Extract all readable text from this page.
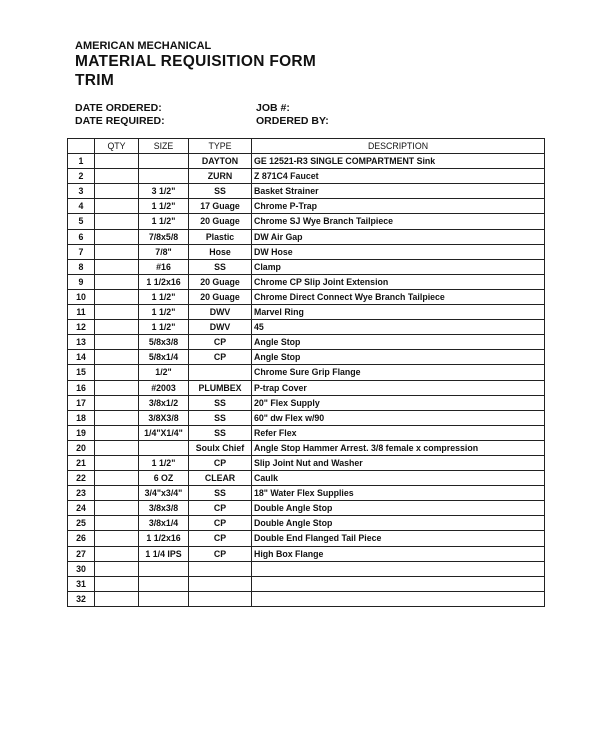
AMERICAN MECHANICAL
MATERIAL REQUISITION FORM
TRIM
DATE ORDERED:
DATE REQUIRED:
JOB #:
ORDERED BY:
	QTY	SIZE	TYPE	DESCRIPTION
1			DAYTON	GE 12521-R3 SINGLE COMPARTMENT Sink
2			ZURN	Z 871C4 Faucet
3		3 1/2"	SS	Basket Strainer
4		1 1/2"	17 Guage	Chrome P-Trap
5		1 1/2"	20 Guage	Chrome SJ Wye Branch Tailpiece
6		7/8x5/8	Plastic	DW Air Gap
7		7/8"	Hose	DW Hose
8		#16	SS	Clamp
9		1 1/2x16	20 Guage	Chrome CP Slip Joint Extension
10		1 1/2"	20 Guage	Chrome Direct Connect Wye Branch Tailpiece
11		1 1/2"	DWV	Marvel Ring
12		1 1/2"	DWV	45
13		5/8x3/8	CP	Angle Stop
14		5/8x1/4	CP	Angle Stop
15		1/2"		Chrome Sure Grip Flange
16		#2003	PLUMBEX	P-trap Cover
17		3/8x1/2	SS	20" Flex Supply
18		3/8X3/8	SS	60" dw Flex w/90
19		1/4"X1/4"	SS	Refer Flex
20			Soulx Chief	Angle Stop Hammer Arrest. 3/8 female x compression
21		1 1/2"	CP	Slip Joint Nut and Washer
22		6 OZ	CLEAR	Caulk
23		3/4"x3/4"	SS	18" Water Flex Supplies
24		3/8x3/8	CP	Double Angle Stop
25		3/8x1/4	CP	Double Angle Stop
26		1 1/2x16	CP	Double End Flanged Tail Piece
27		1 1/4 IPS	CP	High Box Flange
30				
31				
32				
